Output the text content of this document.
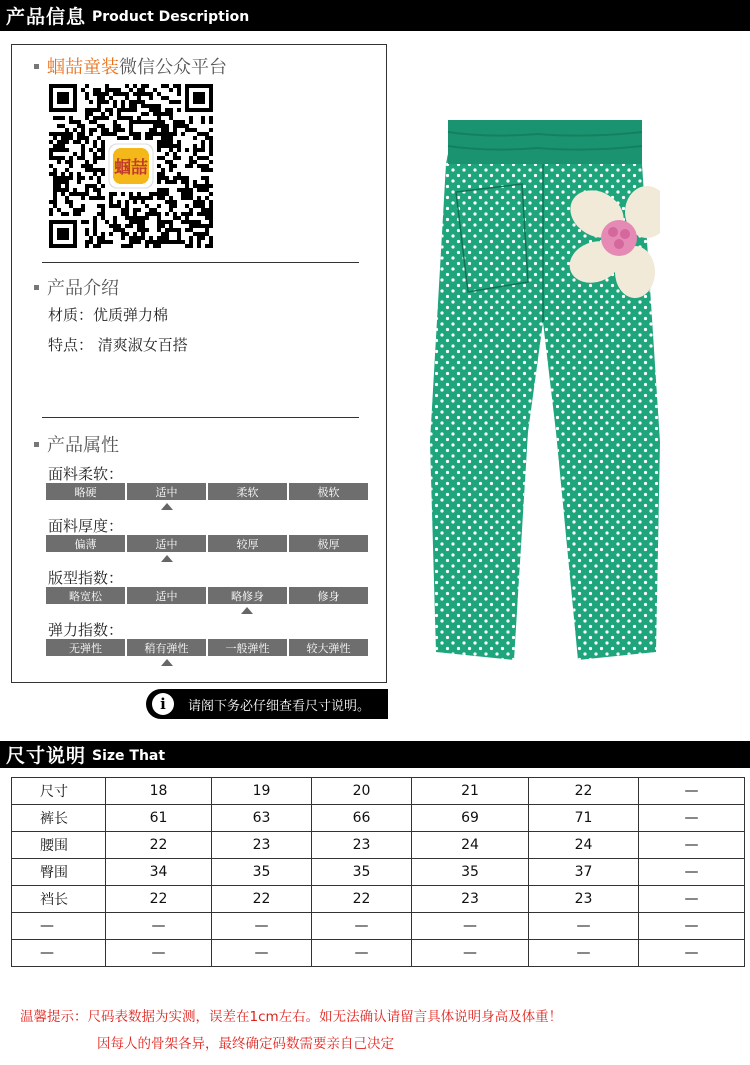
产品信息 Product Description
蝈喆童装微信公众平台
蝈喆
产品介绍
材质：优质弹力棉
特点： 清爽淑女百搭
产品属性
面料柔软：
略硬	适中	柔软	极软
面料厚度：
偏薄	适中	较厚	极厚
版型指数：
略宽松	适中	略修身	修身
弹力指数：
无弹性	稍有弹性	一般弹性	较大弹性
i	请阁下务必仔细查看尺寸说明。
尺寸说明 Size That
尺寸	18	19	20	21	22	—
裤长	61	63	66	69	71	—
腰围	22	23	23	24	24	—
臀围	34	35	35	35	37	—
裆长	22	22	22	23	23	—
—	—	—	—	—	—	—
—	—	—	—	—	—	—
温馨提示：尺码表数据为实测，误差在1cm左右。如无法确认请留言具体说明身高及体重！
因每人的骨架各异，最终确定码数需要亲自己决定
